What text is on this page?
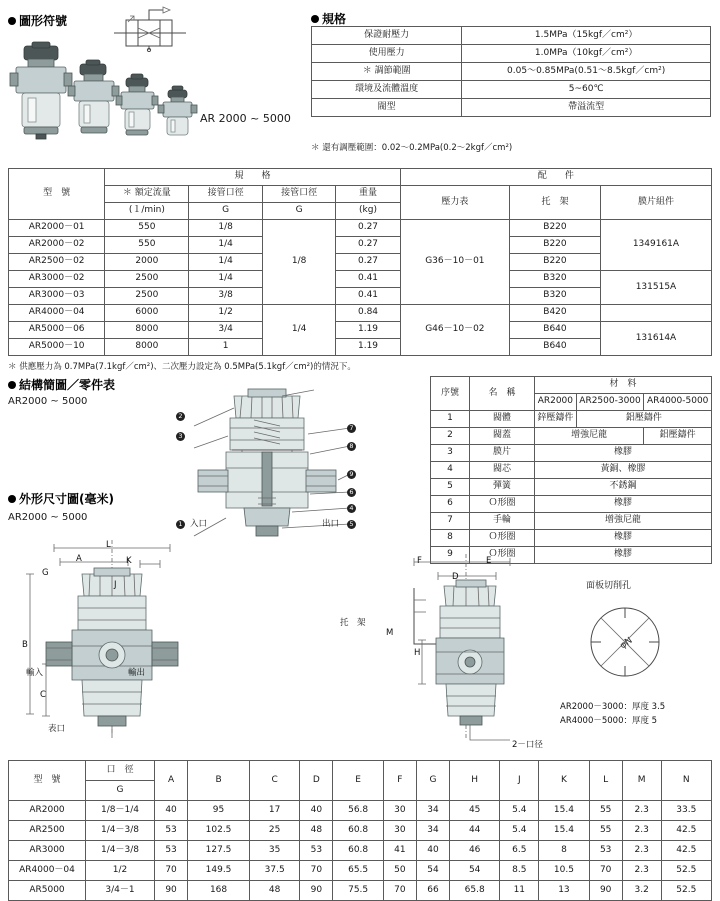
圖形符號
AR 2000 ~ 5000
規格
保證耐壓力	1.5MPa（15kgf／cm²）
使用壓力	1.0MPa（10kgf／cm²）
＊ 調節範圍	0.05～0.85MPa(0.51～8.5kgf／cm²)
環境及流體溫度	5~60℃
閥型	帶溢流型
＊ 還有調壓範圍：0.02～0.2MPa(0.2～2kgf／cm²)
型　號	規　　格				配　　件		
	＊ 額定流量	接管口徑	接管口徑	重量	壓力表	托　架	膜片組件
	(１/min)	G	G	(kg)			
AR2000－01	550	1/8	1/8	0.27	G36－10－01	B220	1349161A
AR2000－02	550	1/4		0.27		B220	
AR2500－02	2000	1/4		0.27		B220	
AR3000－02	2500	1/4		0.41		B320	131515A
AR3000－03	2500	3/8		0.41		B320	
AR4000－04	6000	1/2	1/4	0.84	G46－10－02	B420	
AR5000－06	8000	3/4		1.19		B640	131614A
AR5000－10	8000	1		1.19		B640	
＊ 供應壓力為 0.7MPa(7.1kgf／cm²)、二次壓力設定為 0.5MPa(5.1kgf／cm²)的情況下。
結構簡圖／零件表
AR2000 ~ 5000
2
3
1
7
8
9
6
4
5
入口	出口
序號	名　稱	材　料		
		AR2000	AR2500-3000	AR4000-5000
1	閥體	鋅壓鑄件	鋁壓鑄件	
2	閥蓋	增強尼龍		鋁壓鑄件
3	膜片	橡膠		
4	閥芯	黃銅、橡膠		
5	彈簧	不銹鋼		
6	Ｏ形圈	橡膠		
7	手輪	增強尼龍		
8	Ｏ形圈	橡膠		
9	Ｏ形圈	橡膠		
外形尺寸圖(毫米)
AR2000 ~ 5000
L
A
G
K
J
B
C
輸入	輸出
表口
F	E
D
H
M
托　架
2－口径
面板切削孔
φN
AR2000－3000：厚度 3.5
AR4000－5000：厚度 5
型　號	口　徑	A	B	C	D	E	F	G	H	J	K	L	M	N
	G													
AR2000	1/8－1/4	40	95	17	40	56.8	30	34	45	5.4	15.4	55	2.3	33.5
AR2500	1/4－3/8	53	102.5	25	48	60.8	30	34	44	5.4	15.4	55	2.3	42.5
AR3000	1/4－3/8	53	127.5	35	53	60.8	41	40	46	6.5	8	53	2.3	42.5
AR4000－04	1/2	70	149.5	37.5	70	65.5	50	54	54	8.5	10.5	70	2.3	52.5
AR5000	3/4－1	90	168	48	90	75.5	70	66	65.8	11	13	90	3.2	52.5
